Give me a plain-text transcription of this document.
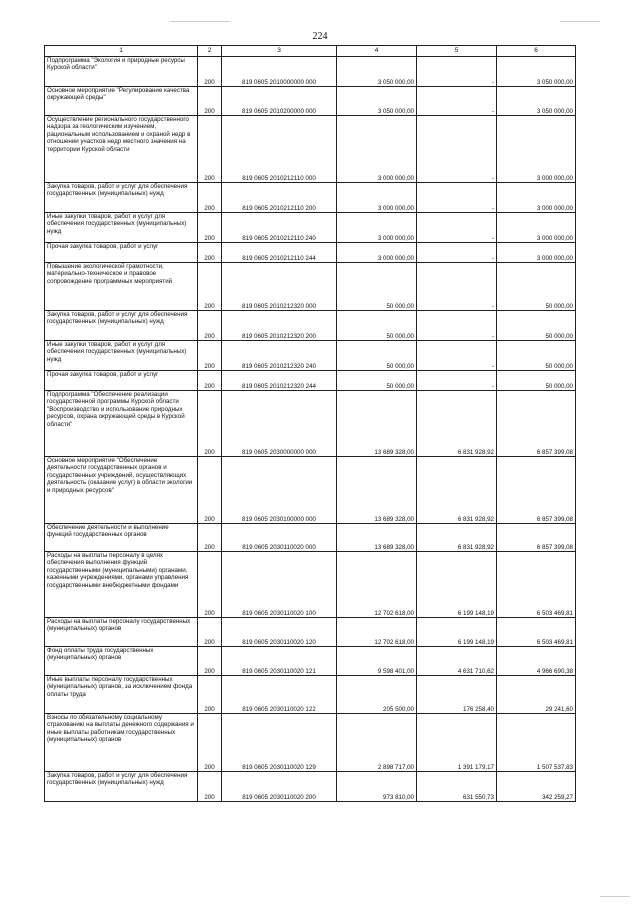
224
1	2	3	4	5	6
Подпрограмма "Экология и природные ресурсы Курской области"	200	819 0605 2010000000 000	3 050 000,00	-	3 050 000,00
Основное мероприятие "Регулирование качества окружающей среды"	200	819 0605 2010200000 000	3 050 000,00	-	3 050 000,00
Осуществление регионального государственного надзора за геологическим изучением, рациональным использованием и охраной недр в отношении участков недр местного значения на территории Курской области	200	819 0605 2010212110 000	3 000 000,00	-	3 000 000,00
Закупка товаров, работ и услуг для обеспечения государственных (муниципальных) нужд	200	819 0605 2010212110 200	3 000 000,00	-	3 000 000,00
Иные закупки товаров, работ и услуг для обеспечения государственных (муниципальных) нужд	200	819 0605 2010212110 240	3 000 000,00	-	3 000 000,00
Прочая закупка товаров, работ и услуг	200	819 0605 2010212110 244	3 000 000,00	-	3 000 000,00
Повышение экологической грамотности, материально-техническое и правовое сопровождение программных мероприятий	200	819 0605 2010212320 000	50 000,00	-	50 000,00
Закупка товаров, работ и услуг для обеспечения государственных (муниципальных) нужд	200	819 0605 2010212320 200	50 000,00	-	50 000,00
Иные закупки товаров, работ и услуг для обеспечения государственных (муниципальных) нужд	200	819 0605 2010212320 240	50 000,00	-	50 000,00
Прочая закупка товаров, работ и услуг	200	819 0605 2010212320 244	50 000,00	-	50 000,00
Подпрограмма "Обеспечение реализации государственной программы Курской области "Воспроизводство и использование природных ресурсов, охрана окружающей среды в Курской области"	200	819 0605 2030000000 000	13 689 328,00	6 831 928,92	6 857 399,08
Основное мероприятие "Обеспечение деятельности государственных органов и государственных учреждений, осуществляющих деятельность (оказание услуг) в области экологии и природных ресурсов"	200	819 0605 2030100000 000	13 689 328,00	6 831 928,92	6 857 399,08
Обеспечение деятельности и выполнение функций государственных органов	200	819 0605 2030110020 000	13 689 328,00	6 831 928,92	6 857 399,08
Расходы на выплаты персоналу в целях обеспечения выполнения функций государственными (муниципальными) органами, казенными учреждениями, органами управления государственными внебюджетными фондами	200	819 0605 2030110020 100	12 702 618,00	6 199 148,19	6 503 469,81
Расходы на выплаты персоналу государственных (муниципальных) органов	200	819 0605 2030110020 120	12 702 618,00	6 199 148,19	6 503 469,81
Фонд оплаты труда государственных (муниципальных) органов	200	819 0605 2030110020 121	9 598 401,00	4 631 710,62	4 966 690,38
Иные выплаты персоналу государственных (муниципальных) органов, за исключением фонда оплаты труда	200	819 0605 2030110020 122	205 500,00	176 258,40	29 241,60
Взносы по обязательному социальному страхованию на выплаты денежного содержания и иные выплаты работникам государственных (муниципальных) органов	200	819 0605 2030110020 129	2 898 717,00	1 391 179,17	1 507 537,83
Закупка товаров, работ и услуг для обеспечения государственных (муниципальных) нужд	200	819 0605 2030110020 200	973 810,00	631 550,73	342 259,27
